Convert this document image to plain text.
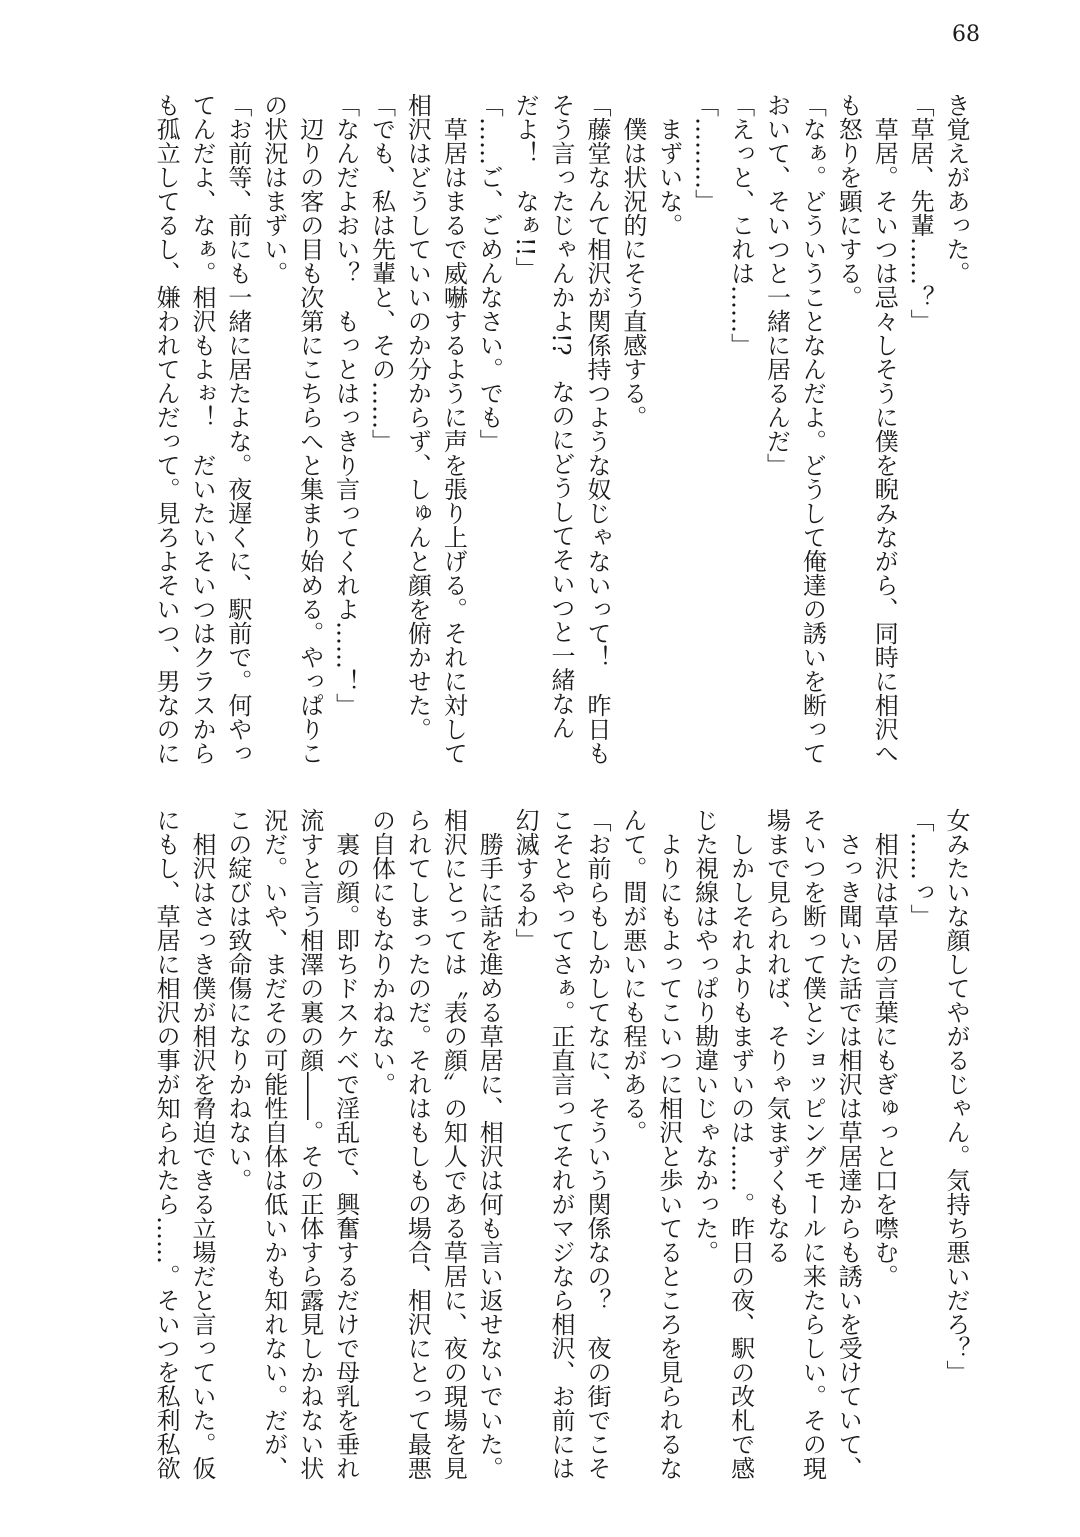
68
き覚えがあった。
「草居、先輩……？」
　草居。そいつは忌々しそうに僕を睨みながら、同時に相沢へ
も怒りを顕にする。
「なぁ。どういうことなんだよ。どうして俺達の誘いを断って
おいて、そいつと一緒に居るんだ」
「えっと、これは……」
「………」
　まずいな。
　僕は状況的にそう直感する。
「藤堂なんて相沢が関係持つような奴じゃないって！　昨日も
そう言ったじゃんかよ!?　なのにどうしてそいつと一緒なん
だよ！　なぁ!!」
「……ご、ごめんなさい。でも」
　草居はまるで威嚇するように声を張り上げる。それに対して
相沢はどうしていいのか分からず、しゅんと顔を俯かせた。
「でも、私は先輩と、その……」
「なんだよおい？　もっとはっきり言ってくれよ……！」
　辺りの客の目も次第にこちらへと集まり始める。やっぱりこ
の状況はまずい。
「お前等、前にも一緒に居たよな。夜遅くに、駅前で。何やっ
てんだよ、なぁ。相沢もよぉ！　だいたいそいつはクラスから
も孤立してるし、嫌われてんだって。見ろよそいつ、男なのに
女みたいな顔してやがるじゃん。気持ち悪いだろ？」
「……っ」
　相沢は草居の言葉にもぎゅっと口を噤む。
　さっき聞いた話では相沢は草居達からも誘いを受けていて、
そいつを断って僕とショッピングモールに来たらしい。その現
場まで見られれば、そりゃ気まずくもなる
　しかしそれよりもまずいのは……。昨日の夜、駅の改札で感
じた視線はやっぱり勘違いじゃなかった。
　よりにもよってこいつに相沢と歩いてるところを見られるな
んて。間が悪いにも程がある。
「お前らもしかしてなに、そういう関係なの？　夜の街でこそ
こそとやってさぁ。正直言ってそれがマジなら相沢、お前には
幻滅するわ」
　勝手に話を進める草居に、相沢は何も言い返せないでいた。
相沢にとっては〝表の顔〟の知人である草居に、夜の現場を見
られてしまったのだ。それはもしもの場合、相沢にとって最悪
の自体にもなりかねない。
　裏の顔。即ちドスケベで淫乱で、興奮するだけで母乳を垂れ
流すと言う相澤の裏の顔――。その正体すら露見しかねない状
況だ。いや、まだその可能性自体は低いかも知れない。だが、
この綻びは致命傷になりかねない。
　相沢はさっき僕が相沢を脅迫できる立場だと言っていた。仮
にもし、草居に相沢の事が知られたら……。そいつを私利私欲
